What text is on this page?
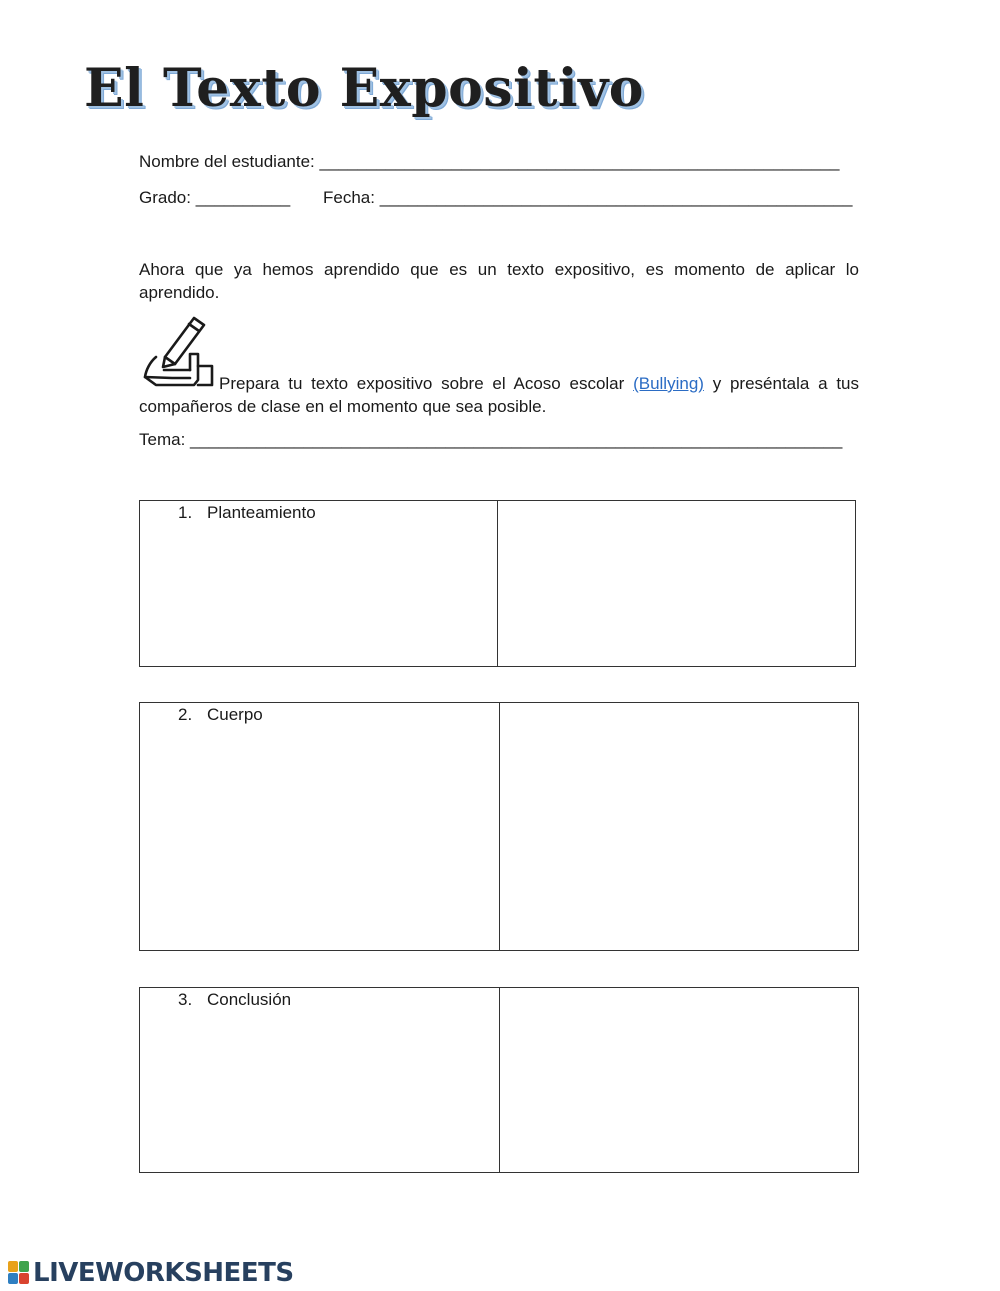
El Texto Expositivo
Nombre del estudiante: _______________________________________________________
Grado: __________ Fecha: __________________________________________________
Ahora que ya hemos aprendido que es un texto expositivo, es momento de aplicar lo aprendido.
Prepara tu texto expositivo sobre el Acoso escolar (Bullying) y preséntala a tus compañeros de clase en el momento que sea posible.
Tema: _____________________________________________________________________
1. Planteamiento
2. Cuerpo
3. Conclusión
LIVEWORKSHEETS
